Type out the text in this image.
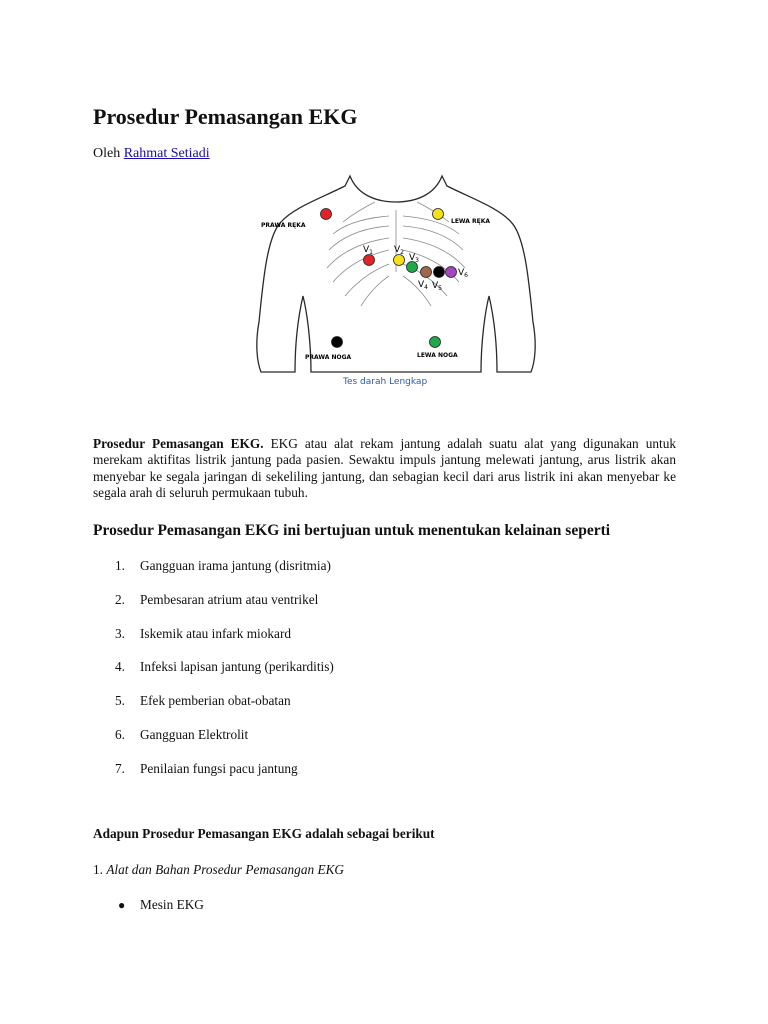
Prosedur Pemasangan EKG
Oleh Rahmat Setiadi
PRAWA RĘKA
LEWA RĘKA
$V_1$ $V_2$
$V_3$
$V_4$ $V_5$
$V_6$
PRAWA NOGA	LEWA NOGA
Tes darah Lengkap

Prosedur Pemasangan EKG. EKG atau alat rekam jantung adalah suatu alat yang digunakan untuk merekam aktifitas listrik jantung pada pasien. Sewaktu impuls jantung melewati jantung, arus listrik akan menyebar ke segala jaringan di sekeliling jantung, dan sebagian kecil dari arus listrik ini akan menyebar ke segala arah di seluruh permukaan tubuh.

Prosedur Pemasangan EKG ini bertujuan untuk menentukan kelainan seperti
1. Gangguan irama jantung (disritmia)
2. Pembesaran atrium atau ventrikel
3. Iskemik atau infark miokard
4. Infeksi lapisan jantung (perikarditis)
5. Efek pemberian obat-obatan
6. Gangguan Elektrolit
7. Penilaian fungsi pacu jantung
Adapun Prosedur Pemasangan EKG adalah sebagai berikut
1. Alat dan Bahan Prosedur Pemasangan EKG
● Mesin EKG
